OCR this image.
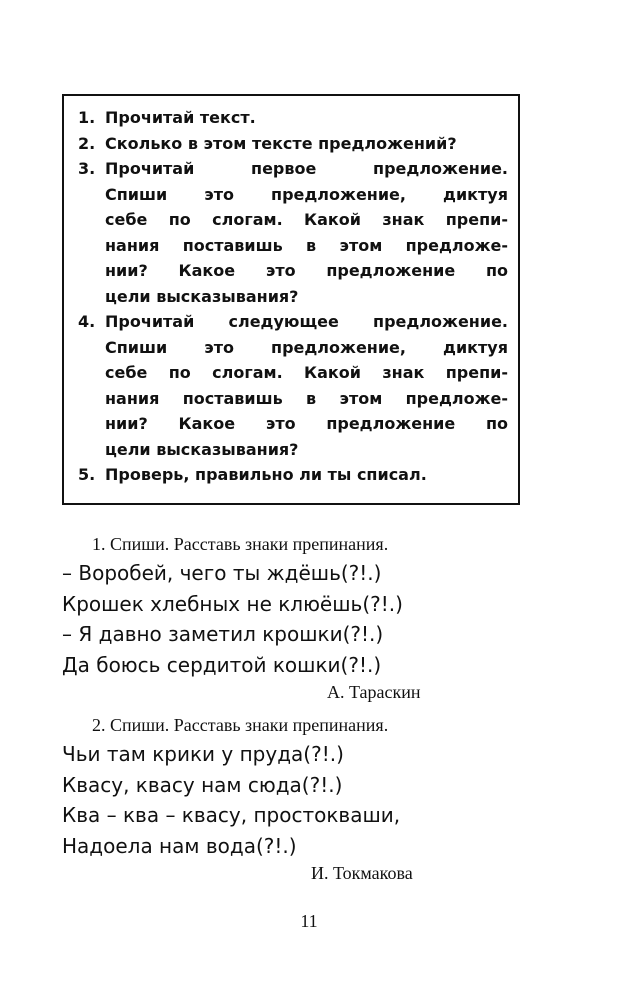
1. Прочитай текст.
2. Сколько в этом тексте предложений?
3. Прочитай первое предложение.
Спиши это предложение, диктуя
себе по слогам. Какой знак препи-
нания поставишь в этом предложе-
нии? Какое это предложение по
цели высказывания?
4. Прочитай следующее предложение.
Спиши это предложение, диктуя
себе по слогам. Какой знак препи-
нания поставишь в этом предложе-
нии? Какое это предложение по
цели высказывания?
5. Проверь, правильно ли ты списал.
1. Спиши. Расставь знаки препинания.
– Воробей, чего ты ждёшь(?!.)
Крошек хлебных не клюёшь(?!.)
– Я давно заметил крошки(?!.)
Да боюсь сердитой кошки(?!.)
А. Тараскин
2. Спиши. Расставь знаки препинания.
Чьи там крики у пруда(?!.)
Квасу, квасу нам сюда(?!.)
Ква – ква – квасу, простокваши,
Надоела нам вода(?!.)
И. Токмакова
11
